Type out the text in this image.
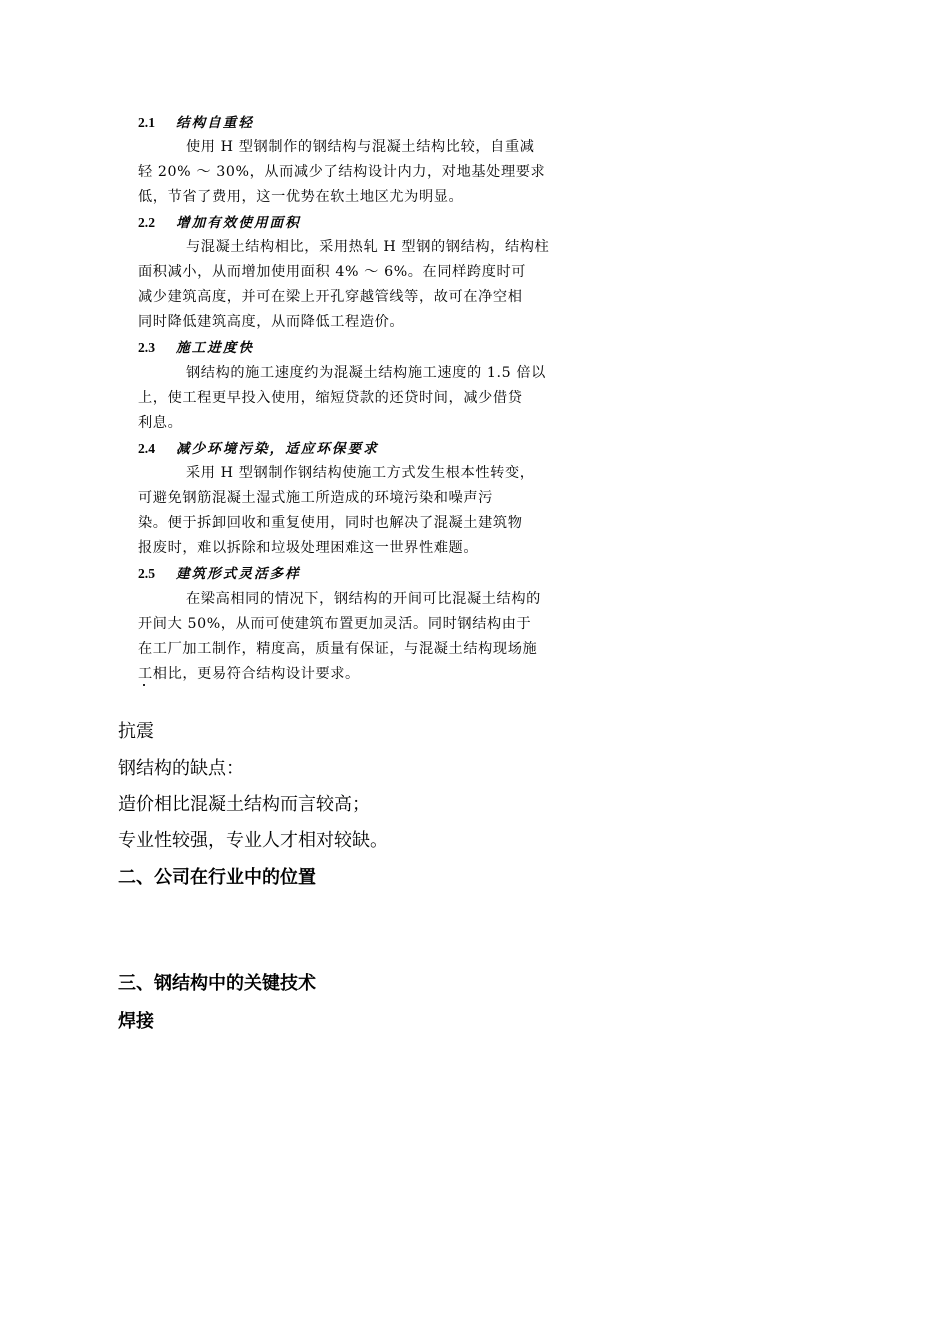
2.1 结构自重轻
使用 H 型钢制作的钢结构与混凝土结构比较，自重减
轻 20% ～ 30%，从而减少了结构设计内力，对地基处理要求
低，节省了费用，这一优势在软土地区尤为明显。
2.2 增加有效使用面积
与混凝土结构相比，采用热轧 H 型钢的钢结构，结构柱
面积减小，从而增加使用面积 4% ～ 6%。在同样跨度时可
减少建筑高度，并可在梁上开孔穿越管线等，故可在净空相
同时降低建筑高度，从而降低工程造价。
2.3 施工进度快
钢结构的施工速度约为混凝土结构施工速度的 1.5 倍以
上，使工程更早投入使用，缩短贷款的还贷时间，减少借贷
利息。
2.4 减少环境污染，适应环保要求
采用 H 型钢制作钢结构使施工方式发生根本性转变，
可避免钢筋混凝土湿式施工所造成的环境污染和噪声污
染。便于拆卸回收和重复使用，同时也解决了混凝土建筑物
报废时，难以拆除和垃圾处理困难这一世界性难题。
2.5 建筑形式灵活多样
在梁高相同的情况下，钢结构的开间可比混凝土结构的
开间大 50%，从而可使建筑布置更加灵活。同时钢结构由于
在工厂加工制作，精度高，质量有保证，与混凝土结构现场施
工相比，更易符合结构设计要求。
抗震
钢结构的缺点：
造价相比混凝土结构而言较高；
专业性较强，专业人才相对较缺。
二、公司在行业中的位置
三、钢结构中的关键技术
焊接
